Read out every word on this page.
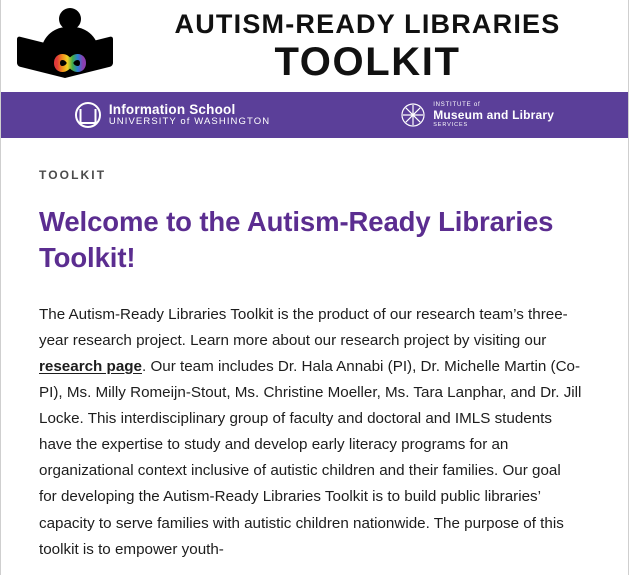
AUTISM-READY LIBRARIES
TOOLKIT
Information School
UNIVERSITY of WASHINGTON
INSTITUTE of
Museum and Library
SERVICES
TOOLKIT
Welcome to the Autism-Ready Libraries Toolkit!

The Autism-Ready Libraries Toolkit is the product of our research team’s three-year research project. Learn more about our research project by visiting our research page. Our team includes Dr. Hala Annabi (PI), Dr. Michelle Martin (Co-PI), Ms. Milly Romeijn-Stout, Ms. Christine Moeller, Ms. Tara Lanphar, and Dr. Jill Locke. This interdisciplinary group of faculty and doctoral and IMLS students have the expertise to study and develop early literacy programs for an organizational context inclusive of autistic children and their families. Our goal for developing the Autism-Ready Libraries Toolkit is to build public libraries’ capacity to serve families with autistic children nationwide. The purpose of this toolkit is to empower youth-
